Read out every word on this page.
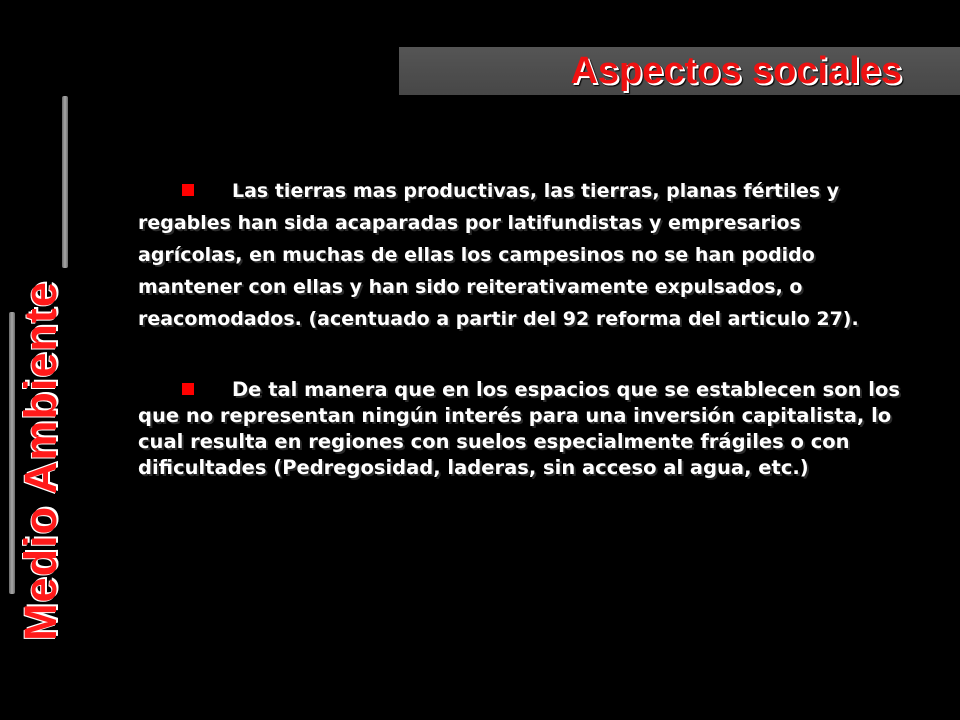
Aspectos sociales
Medio Ambiente

Las tierras mas productivas, las tierras, planas fértiles y regables han sida acaparadas por latifundistas y empresarios agrícolas, en muchas de ellas los campesinos no se han podido mantener con ellas y han sido reiterativamente expulsados, o reacomodados. (acentuado a partir del 92 reforma del articulo 27).

De tal manera que en los espacios que se establecen son los que no representan ningún interés para una inversión capitalista, lo cual resulta en regiones con suelos especialmente frágiles o con dificultades (Pedregosidad, laderas, sin acceso al agua, etc.)
